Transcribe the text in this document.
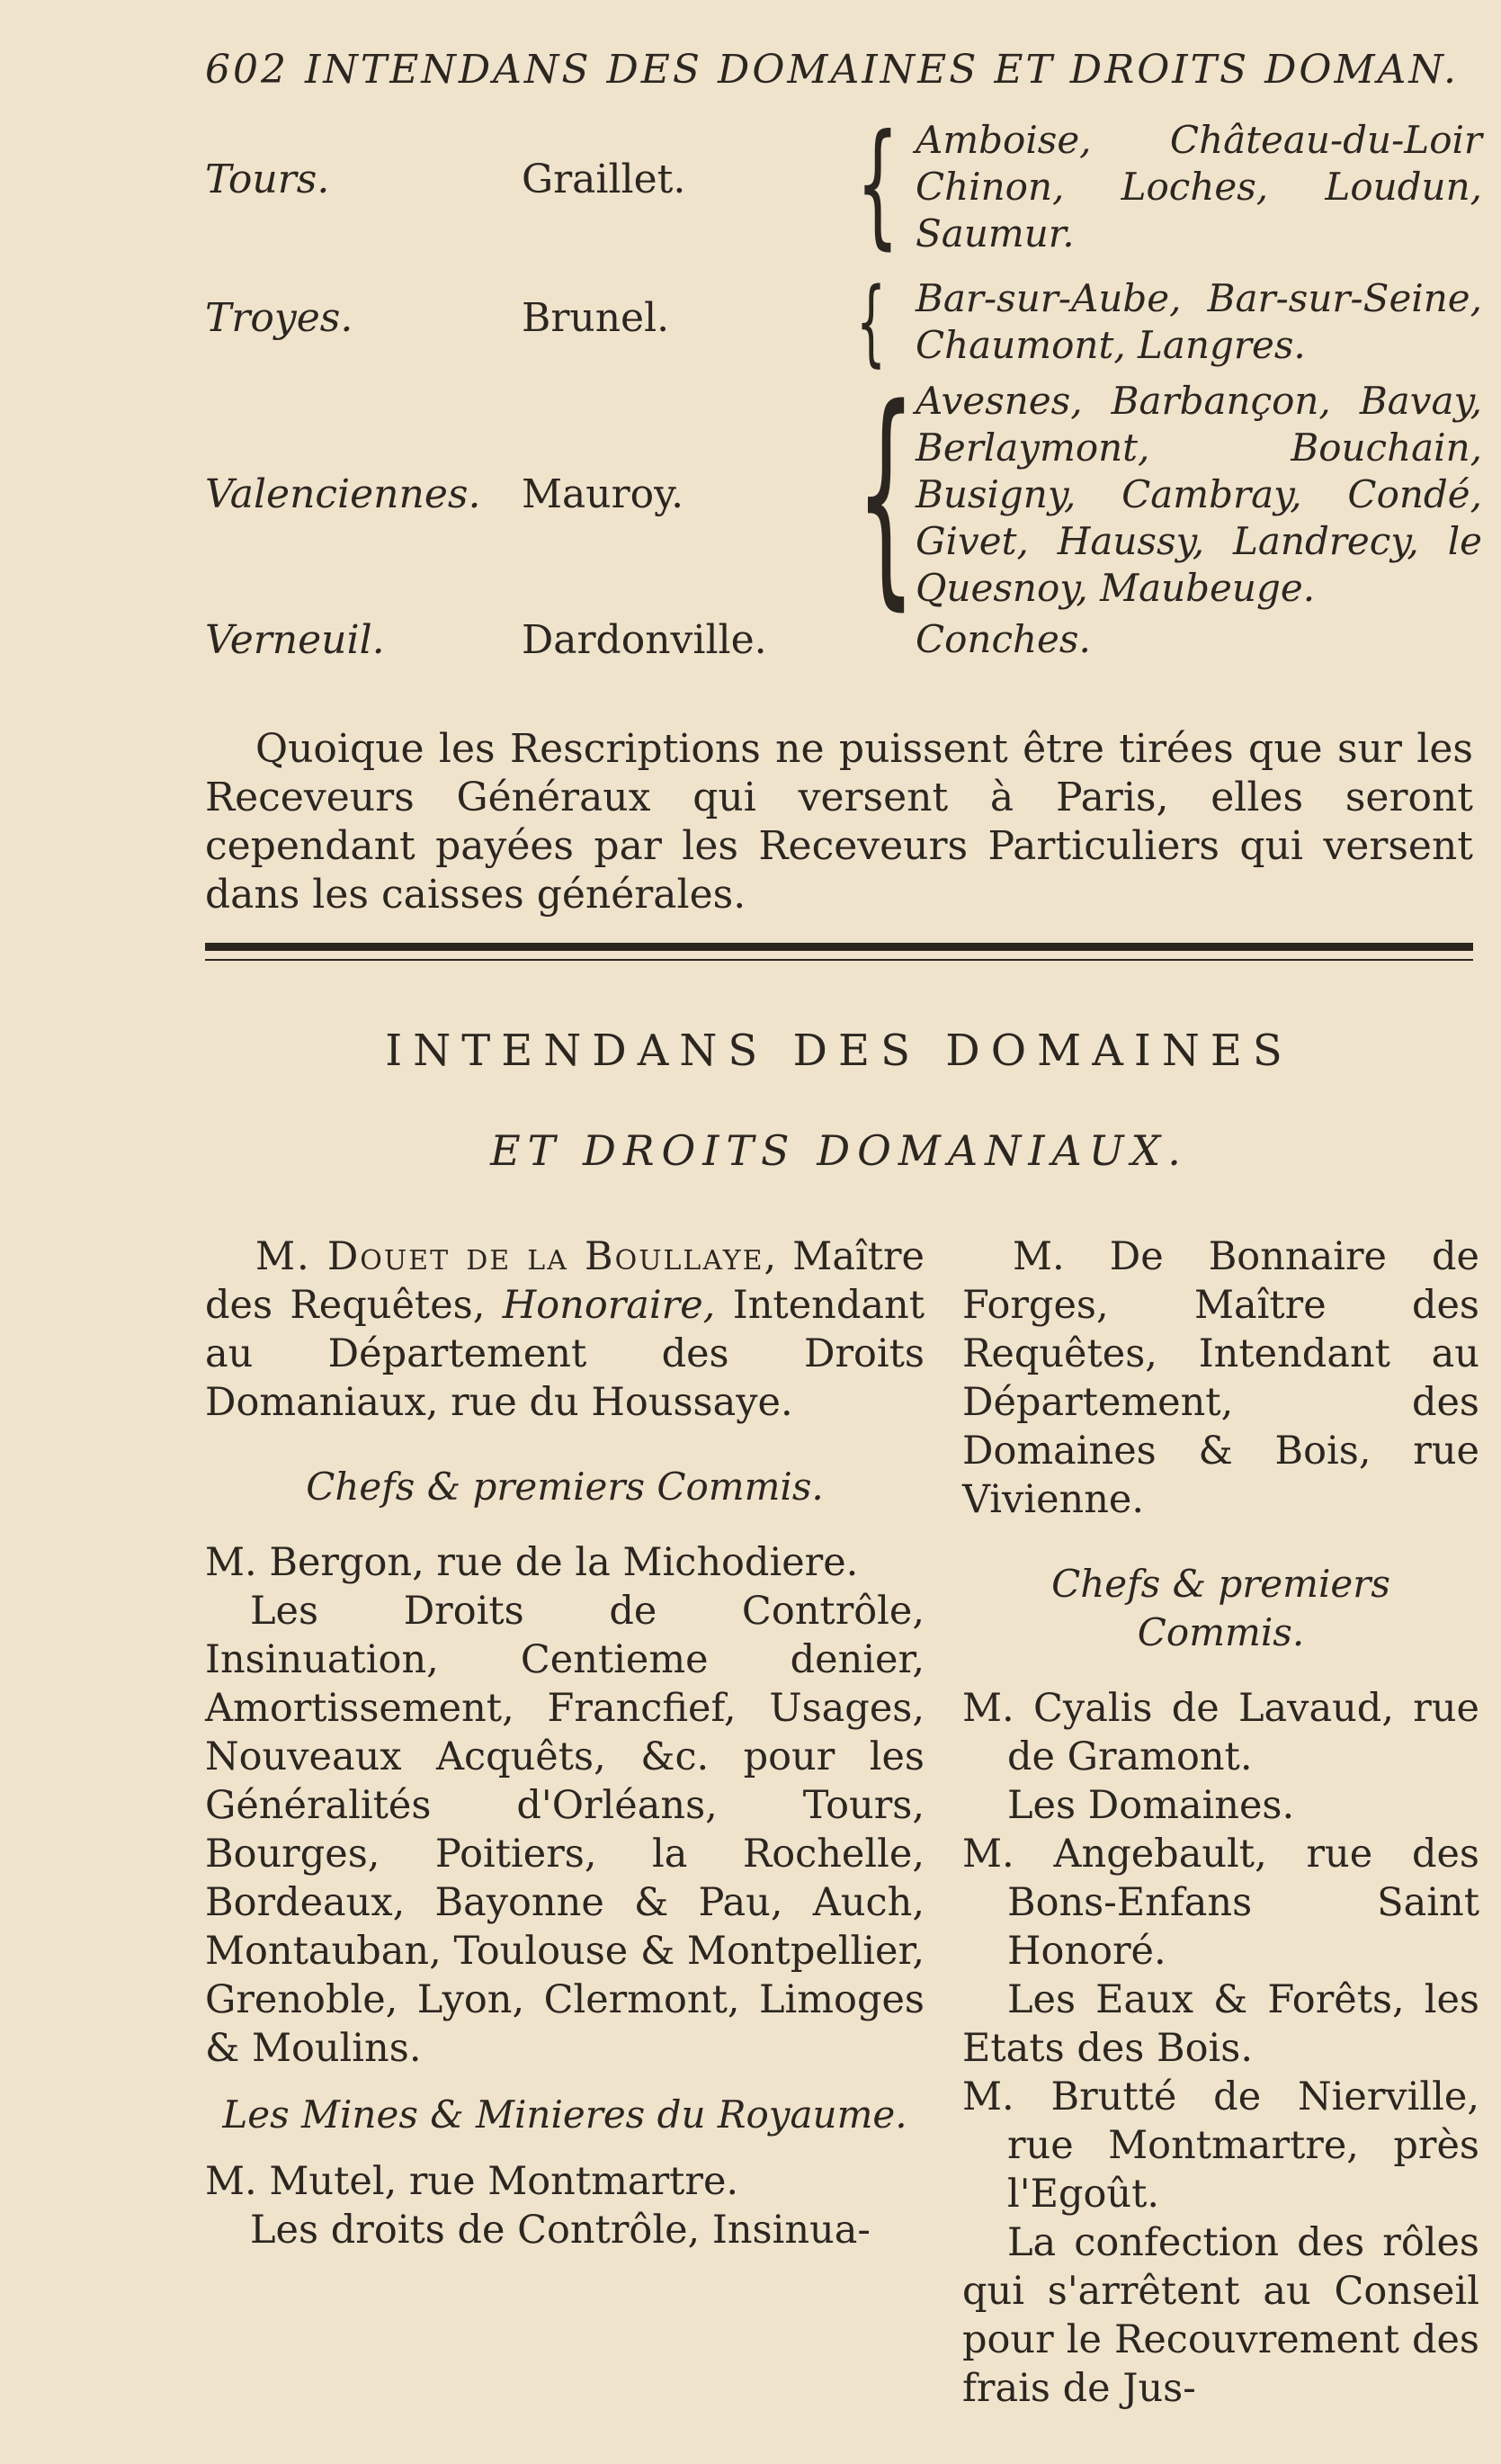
602 INTENDANS DES DOMAINES ET DROITS DOMAN.
Tours.	Graillet. { Amboise, Château-du-Loir Chinon, Loches, Loudun, Saumur.
Troyes.	Brunel. { Bar-sur-Aube, Bar-sur-Seine, Chaumont, Langres.
Valenciennes. Mauroy. { Avesnes, Barbançon, Bavay, Berlaymont, Bouchain, Busigny, Cambray, Condé, Givet, Haussy, Landrecy, le Quesnoy, Maubeuge.
Verneuil.	Dardonville.	Conches.

Quoique les Rescriptions ne puissent être tirées que sur les Receveurs Généraux qui versent à Paris, elles seront cependant payées par les Receveurs Particuliers qui versent dans les caisses générales.

INTENDANS DES DOMAINES
ET DROITS DOMANIAUX.

M. Douet de la Boullaye, Maître des Requêtes, Honoraire, Intendant au Département des Droits Domaniaux, rue du Houssaye.

Chefs & premiers Commis.

M. Bergon, rue de la Michodiere.

Les Droits de Contrôle, Insinuation, Centieme denier, Amortissement, Francfief, Usages, Nouveaux Acquêts, &c. pour les Généralités d'Orléans, Tours, Bourges, Poitiers, la Rochelle, Bordeaux, Bayonne & Pau, Auch, Montauban, Toulouse & Montpellier, Grenoble, Lyon, Clermont, Limoges & Moulins.

Les Mines & Minieres du Royaume.

M. Mutel, rue Montmartre.

Les droits de Contrôle, Insinua-

M. De Bonnaire de Forges, Maître des Requêtes, Intendant au Département, des Domaines & Bois, rue Vivienne.

Chefs & premiers Commis.

M. Cyalis de Lavaud, rue de Gramont.

Les Domaines.

M. Angebault, rue des Bons-Enfans Saint Honoré.

Les Eaux & Forêts, les Etats des Bois.

M. Brutté de Nierville, rue Montmartre, près l'Egoût.

La confection des rôles qui s'arrêtent au Conseil pour le Recouvrement des frais de Jus-
